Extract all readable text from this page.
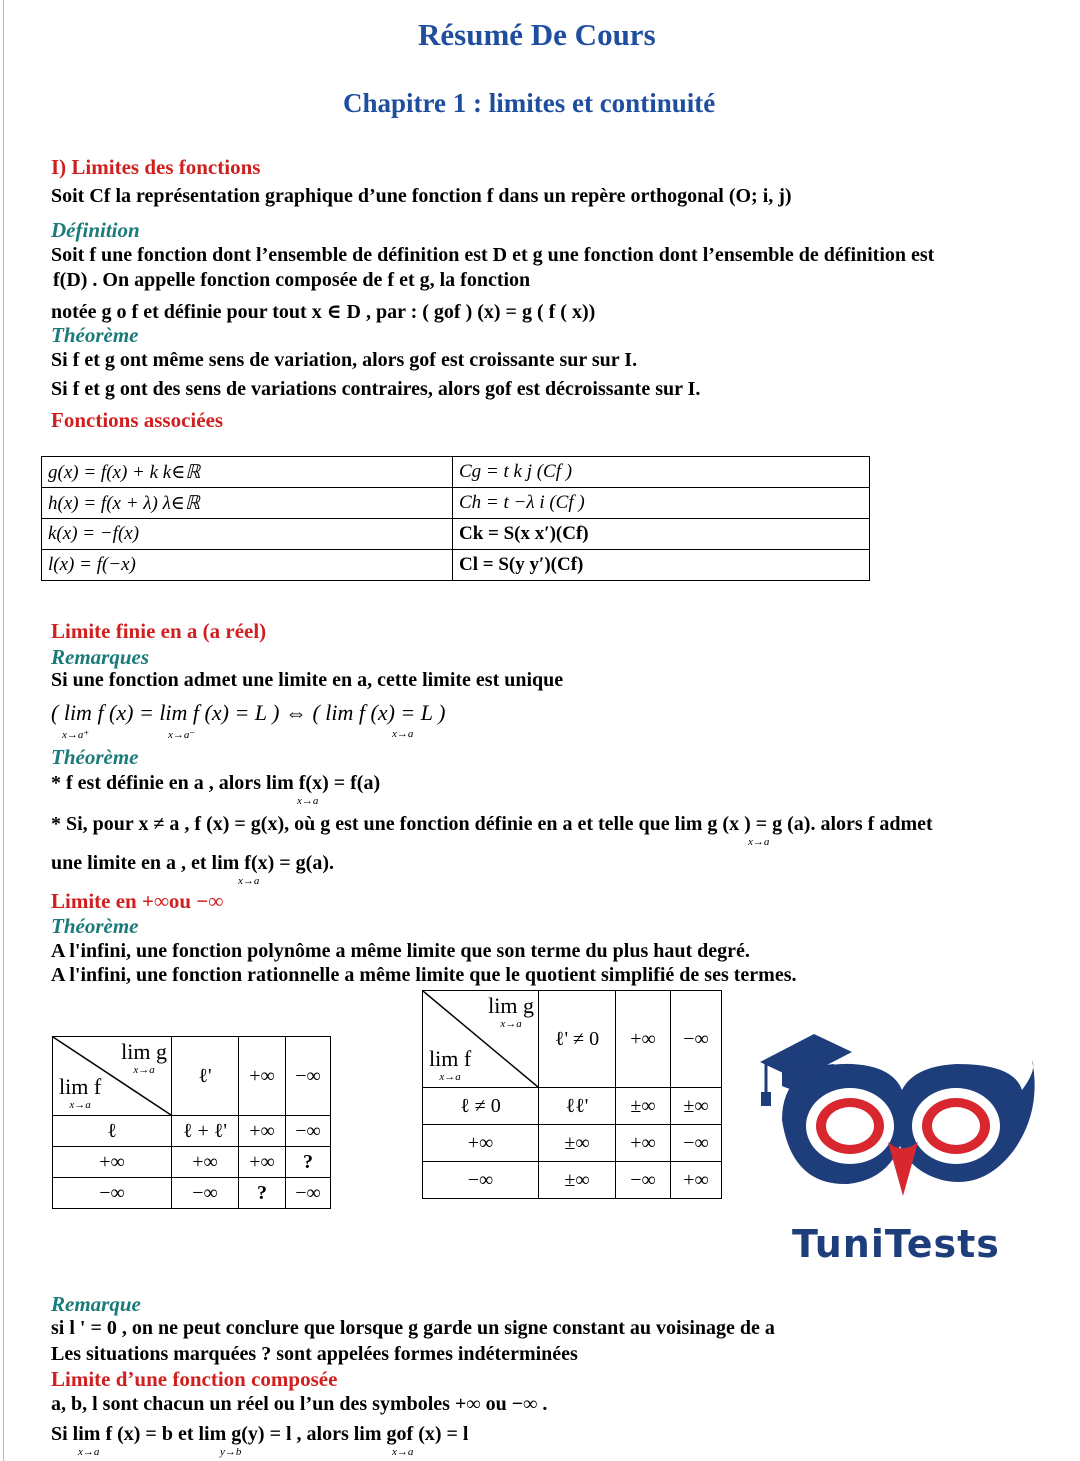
Résumé De Cours
Chapitre 1 : limites et continuité
I) Limites des fonctions
Soit Cf la représentation graphique d’une fonction f dans un repère orthogonal (O; i, j)
Définition
Soit f une fonction dont l’ensemble de définition est D et g une fonction dont l’ensemble de définition est
f(D) . On appelle fonction composée de f et g, la fonction
notée g o f et définie pour tout x ∈ D , par : ( gof ) (x) = g ( f ( x))
Théorème
Si f et g ont même sens de variation, alors gof est croissante sur sur I.
Si f et g ont des sens de variations contraires, alors gof est décroissante sur I.
Fonctions associées
g(x) = f(x) + k k∈ℝ	Cg = t k j (Cf )
h(x) = f(x + λ) λ∈ℝ	Ch = t −λ i (Cf )
k(x) = −f(x)	Ck = S(x x′)(Cf)
l(x) = f(−x)	Cl = S(y y′)(Cf)
Limite finie en a (a réel)
Remarques
Si une fonction admet une limite en a, cette limite est unique
( lim f (x) = lim f (x) = L ) ⇔ ( lim f (x) = L )
x→a⁺	x→a⁻	x→a
Théorème
* f est définie en a , alors lim f(x) = f(a)
x→a
* Si, pour x ≠ a , f (x) = g(x), où g est une fonction définie en a et telle que lim g (x ) = g (a). alors f admet
x→a
une limite en a , et lim f(x) = g(a).
x→a
Limite en +∞ou −∞
Théorème
A l'infini, une fonction polynôme a même limite que son terme du plus haut degré.
A l'infini, une fonction rationnelle a même limite que le quotient simplifié de ses termes.
lim g
x→a
lim f
x→a	ℓ'	+∞	−∞
ℓ	ℓ + ℓ'	+∞	−∞
+∞	+∞	+∞	?
−∞	−∞	?	−∞
lim g
x→a
lim f
x→a	ℓ' ≠ 0	+∞	−∞
ℓ ≠ 0	ℓℓ'	±∞	±∞
+∞	±∞	+∞	−∞
−∞	±∞	−∞	+∞
TuniTests
Remarque
si l ' = 0 , on ne peut conclure que lorsque g garde un signe constant au voisinage de a
Les situations marquées ? sont appelées formes indéterminées
Limite d’une fonction composée
a, b, l sont chacun un réel ou l’un des symboles +∞ ou −∞ .
Si lim f (x) = b et lim g(y) = l , alors lim gof (x) = l
x→a	y→b	x→a
